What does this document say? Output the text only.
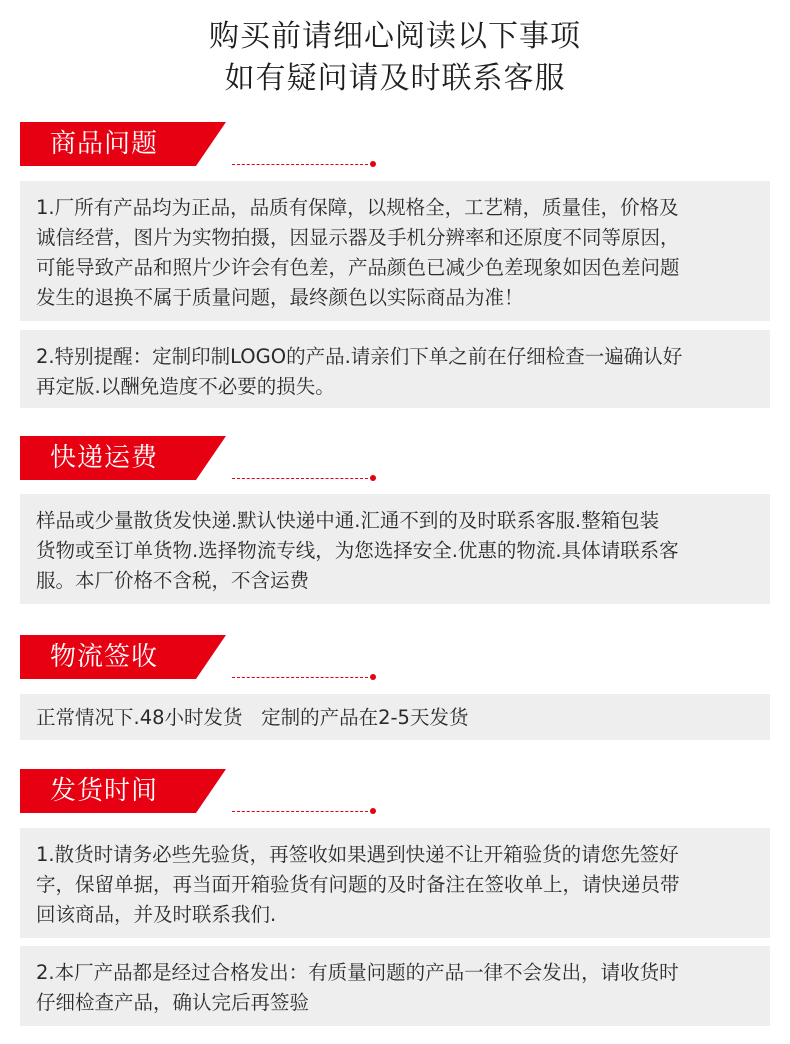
购买前请细心阅读以下事项
如有疑问请及时联系客服
商品问题
1.厂所有产品均为正品，品质有保障，以规格全，工艺精，质量佳，价格及
诚信经营，图片为实物拍摄，因显示器及手机分辨率和还原度不同等原因，
可能导致产品和照片少许会有色差，产品颜色已减少色差现象如因色差问题
发生的退换不属于质量问题，最终颜色以实际商品为准！
2.特别提醒：定制印制LOGO的产品.请亲们下单之前在仔细检查一遍确认好
再定版.以酬免造度不必要的损失。
快递运费
样品或少量散货发快递.默认快递中通.汇通不到的及时联系客服.整箱包装
货物或至订单货物.选择物流专线，为您选择安全.优惠的物流.具体请联系客
服。本厂价格不含税，不含运费
物流签收
正常情况下.48小时发货   定制的产品在2-5天发货
发货时间
1.散货时请务必些先验货，再签收如果遇到快递不让开箱验货的请您先签好
字，保留单据，再当面开箱验货有问题的及时备注在签收单上，请快递员带
回该商品，并及时联系我们.
2.本厂产品都是经过合格发出：有质量问题的产品一律不会发出，请收货时
仔细检查产品，确认完后再签验
